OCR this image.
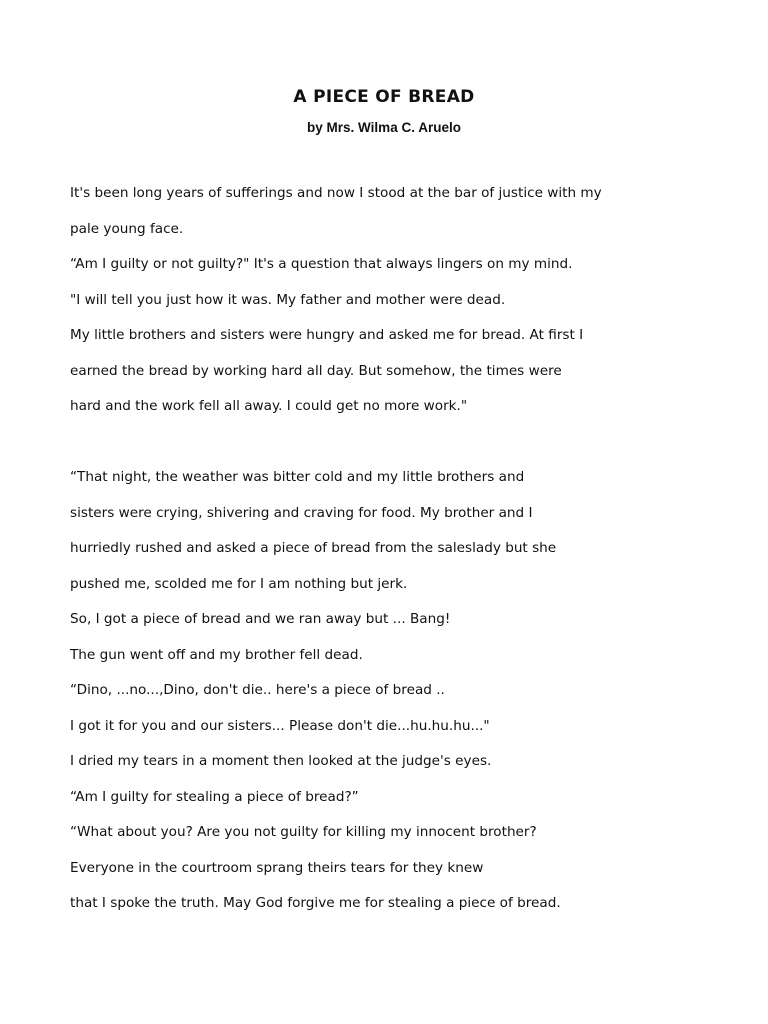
A PIECE OF BREAD
by Mrs. Wilma C. Aruelo
It's been long years of sufferings and now I stood at the bar of justice with my
pale young face.
“Am I guilty or not guilty?" It's a question that always lingers on my mind.
"I will tell you just how it was. My father and mother were dead.
My little brothers and sisters were hungry and asked me for bread. At first I
earned the bread by working hard all day. But somehow, the times were
hard and the work fell all away. I could get no more work."
“That night, the weather was bitter cold and my little brothers and
sisters were crying, shivering and craving for food. My brother and I
hurriedly rushed and asked a piece of bread from the saleslady but she
pushed me, scolded me for I am nothing but jerk.
So, I got a piece of bread and we ran away but ... Bang!
The gun went off and my brother fell dead.
“Dino, ...no...,Dino, don't die.. here's a piece of bread ..
I got it for you and our sisters... Please don't die...hu.hu.hu..."
I dried my tears in a moment then looked at the judge's eyes.
“Am I guilty for stealing a piece of bread?”
“What about you? Are you not guilty for killing my innocent brother?
Everyone in the courtroom sprang theirs tears for they knew
that I spoke the truth. May God forgive me for stealing a piece of bread.
